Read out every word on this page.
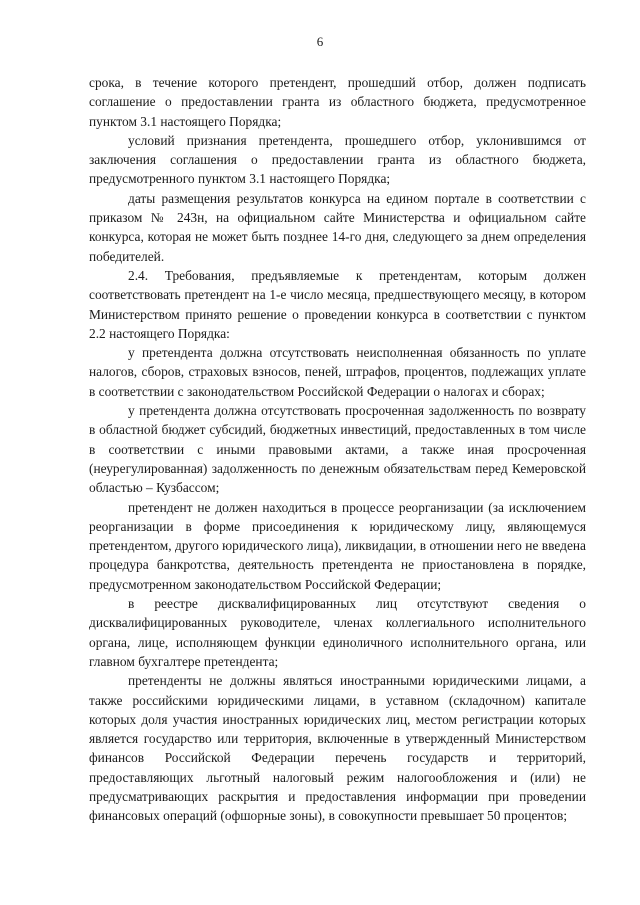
6

срока, в течение которого претендент, прошедший отбор, должен подписать соглашение о предоставлении гранта из областного бюджета, предусмотренное пунктом 3.1 настоящего Порядка;

условий признания претендента, прошедшего отбор, уклонившимся от заключения соглашения о предоставлении гранта из областного бюджета, предусмотренного пунктом 3.1 настоящего Порядка;

даты размещения результатов конкурса на едином портале в соответствии с приказом № 243н, на официальном сайте Министерства и официальном сайте конкурса, которая не может быть позднее 14-го дня, следующего за днем определения победителей.

2.4. Требования, предъявляемые к претендентам, которым должен соответствовать претендент на 1-е число месяца, предшествующего месяцу, в котором Министерством принято решение о проведении конкурса в соответствии с пунктом 2.2 настоящего Порядка:

у претендента должна отсутствовать неисполненная обязанность по уплате налогов, сборов, страховых взносов, пеней, штрафов, процентов, подлежащих уплате в соответствии с законодательством Российской Федерации о налогах и сборах;

у претендента должна отсутствовать просроченная задолженность по возврату в областной бюджет субсидий, бюджетных инвестиций, предоставленных в том числе в соответствии с иными правовыми актами, а также иная просроченная (неурегулированная) задолженность по денежным обязательствам перед Кемеровской областью – Кузбассом;

претендент не должен находиться в процессе реорганизации (за исключением реорганизации в форме присоединения к юридическому лицу, являющемуся претендентом, другого юридического лица), ликвидации, в отношении него не введена процедура банкротства, деятельность претендента не приостановлена в порядке, предусмотренном законодательством Российской Федерации;

в реестре дисквалифицированных лиц отсутствуют сведения о дисквалифицированных руководителе, членах коллегиального исполнительного органа, лице, исполняющем функции единоличного исполнительного органа, или главном бухгалтере претендента;

претенденты не должны являться иностранными юридическими лицами, а также российскими юридическими лицами, в уставном (складочном) капитале которых доля участия иностранных юридических лиц, местом регистрации которых является государство или территория, включенные в утвержденный Министерством финансов Российской Федерации перечень государств и территорий, предоставляющих льготный налоговый режим налогообложения и (или) не предусматривающих раскрытия и предоставления информации при проведении финансовых операций (офшорные зоны), в совокупности превышает 50 процентов;
